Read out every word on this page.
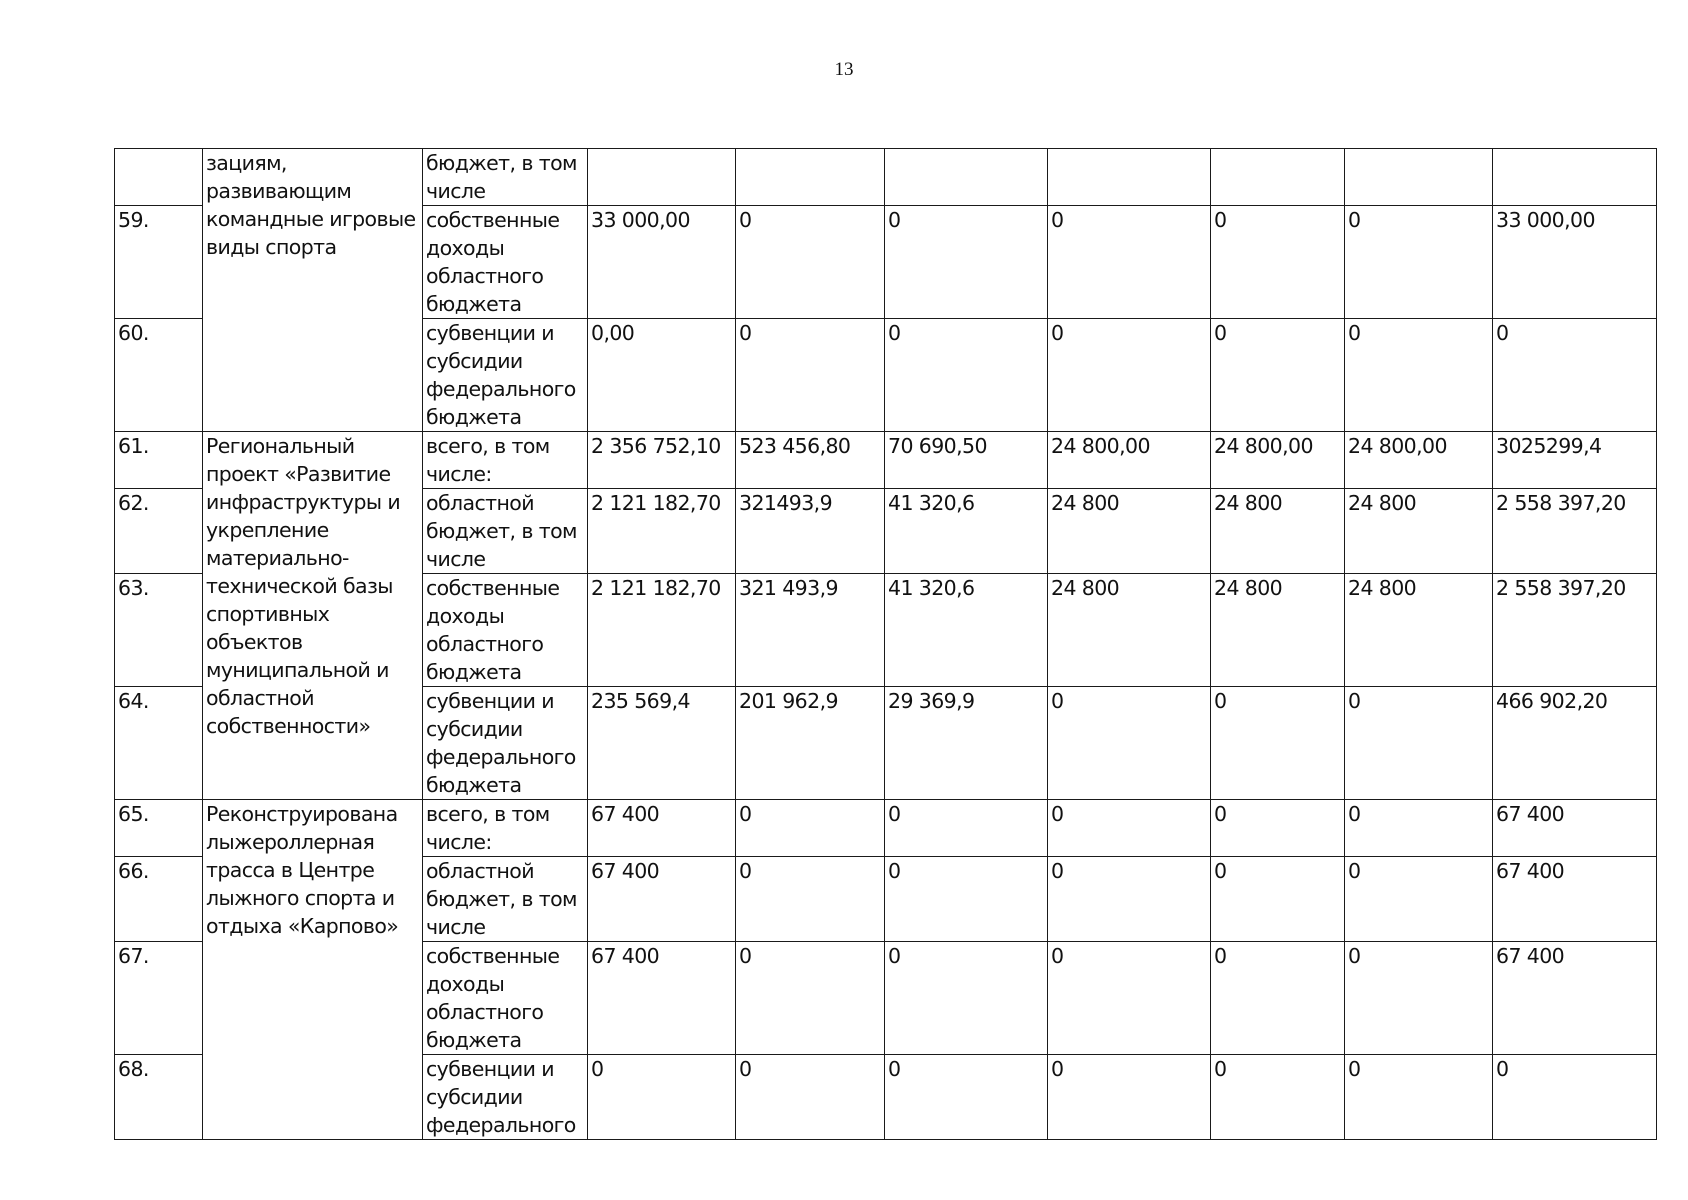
13
	зациям, развивающим командные игровые виды спорта	бюджет, в том числе							
59.		собственные доходы областного бюджета	33 000,00	0	0	0	0	0	33 000,00
60.		субвенции и субсидии федерального бюджета	0,00	0	0	0	0	0	0
61.	Региональный проект «Развитие инфраструктуры и укрепление материально-технической базы спортивных объектов муниципальной и областной собственности»	всего, в том числе:	2 356 752,10	523 456,80	70 690,50	24 800,00	24 800,00	24 800,00	3025299,4
62.		областной бюджет, в том числе	2 121 182,70	321493,9	41 320,6	24 800	24 800	24 800	2 558 397,20
63.		собственные доходы областного бюджета	2 121 182,70	321 493,9	41 320,6	24 800	24 800	24 800	2 558 397,20
64.		субвенции и субсидии федерального бюджета	235 569,4	201 962,9	29 369,9	0	0	0	466 902,20
65.	Реконструирована лыжероллерная трасса в Центре лыжного спорта и отдыха «Карпово»	всего, в том числе:	67 400	0	0	0	0	0	67 400
66.		областной бюджет, в том числе	67 400	0	0	0	0	0	67 400
67.		собственные доходы областного бюджета	67 400	0	0	0	0	0	67 400
68.		субвенции и субсидии федерального	0	0	0	0	0	0	0
